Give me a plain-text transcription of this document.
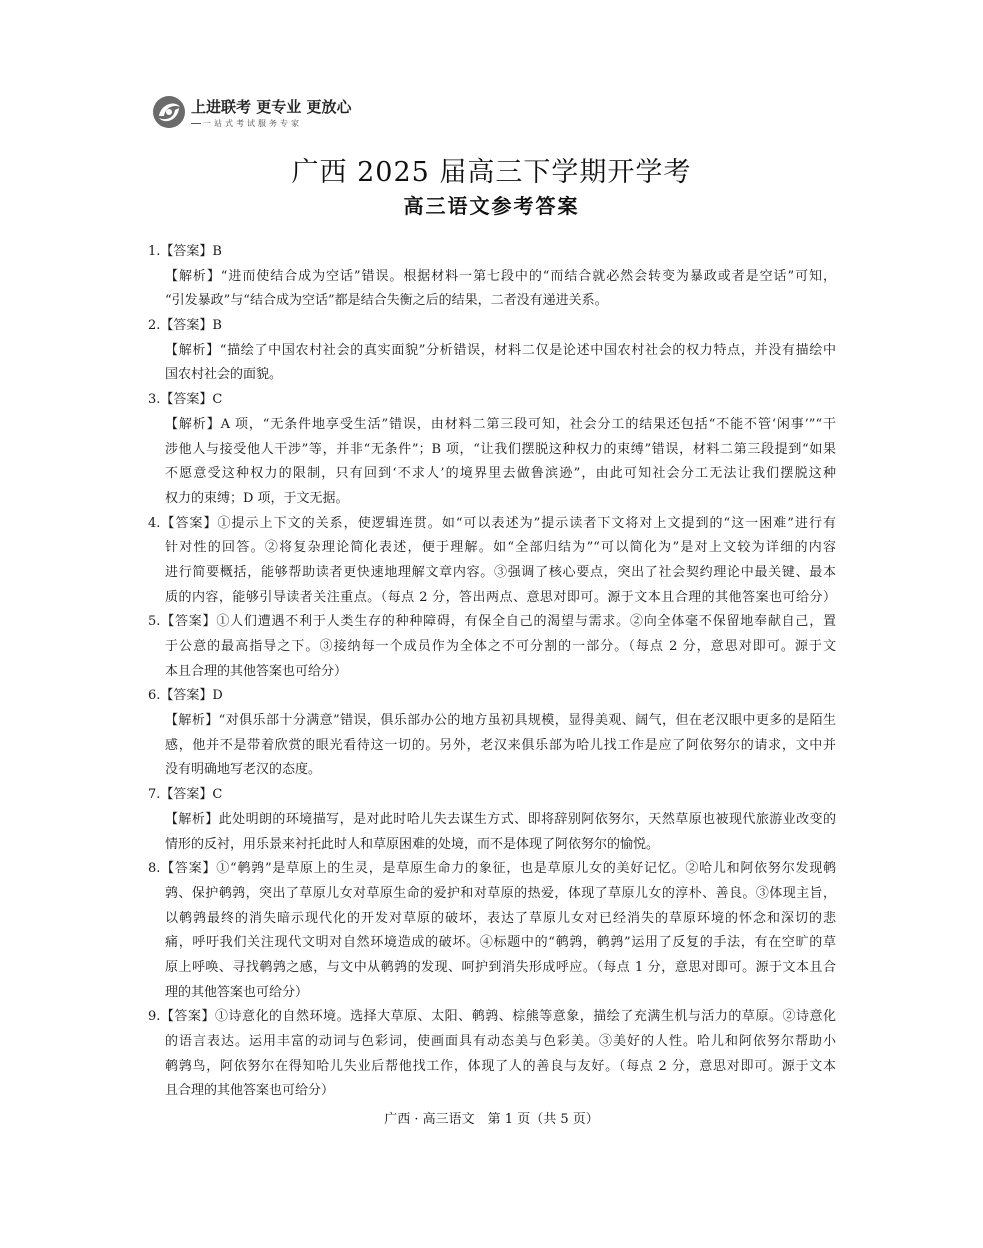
上进联考 更专业 更放心
一站式考试服务专家
广西 2025 届高三下学期开学考
高三语文参考答案
1.【答案】B
【解析】“进而使结合成为空话”错误。根据材料一第七段中的“而结合就必然会转变为暴政或者是空话”可知，
“引发暴政”与“结合成为空话”都是结合失衡之后的结果，二者没有递进关系。
2.【答案】B
【解析】“描绘了中国农村社会的真实面貌”分析错误，材料二仅是论述中国农村社会的权力特点，并没有描绘中
国农村社会的面貌。
3.【答案】C
【解析】A 项，“无条件地享受生活”错误，由材料二第三段可知，社会分工的结果还包括“不能不管‘闲事’”“干
涉他人与接受他人干涉”等，并非“无条件”；B 项，“让我们摆脱这种权力的束缚”错误，材料二第三段提到“如果
不愿意受这种权力的限制，只有回到‘不求人’的境界里去做鲁滨逊”，由此可知社会分工无法让我们摆脱这种
权力的束缚；D 项，于文无据。
4.【答案】①提示上下文的关系，使逻辑连贯。如“可以表述为”提示读者下文将对上文提到的“这一困难”进行有
针对性的回答。②将复杂理论简化表述，便于理解。如“全部归结为”“可以简化为”是对上文较为详细的内容
进行简要概括，能够帮助读者更快速地理解文章内容。③强调了核心要点，突出了社会契约理论中最关键、最本
质的内容，能够引导读者关注重点。（每点 2 分，答出两点、意思对即可。源于文本且合理的其他答案也可给分）
5.【答案】①人们遭遇不利于人类生存的种种障碍，有保全自己的渴望与需求。②向全体毫不保留地奉献自己，置
于公意的最高指导之下。③接纳每一个成员作为全体之不可分割的一部分。（每点 2 分，意思对即可。源于文
本且合理的其他答案也可给分）
6.【答案】D
【解析】“对俱乐部十分满意”错误，俱乐部办公的地方虽初具规模，显得美观、阔气，但在老汉眼中更多的是陌生
感，他并不是带着欣赏的眼光看待这一切的。另外，老汉来俱乐部为哈儿找工作是应了阿依努尔的请求，文中并
没有明确地写老汉的态度。
7.【答案】C
【解析】此处明朗的环境描写，是对此时哈儿失去谋生方式、即将辞别阿依努尔，天然草原也被现代旅游业改变的
情形的反衬，用乐景来衬托此时人和草原困难的处境，而不是体现了阿依努尔的愉悦。
8.【答案】①“鹌鹑”是草原上的生灵，是草原生命力的象征，也是草原儿女的美好记忆。②哈儿和阿依努尔发现鹌
鹑、保护鹌鹑，突出了草原儿女对草原生命的爱护和对草原的热爱，体现了草原儿女的淳朴、善良。③体现主旨，
以鹌鹑最终的消失暗示现代化的开发对草原的破坏，表达了草原儿女对已经消失的草原环境的怀念和深切的悲
痛，呼吁我们关注现代文明对自然环境造成的破坏。④标题中的“鹌鹑，鹌鹑”运用了反复的手法，有在空旷的草
原上呼唤、寻找鹌鹑之感，与文中从鹌鹑的发现、呵护到消失形成呼应。（每点 1 分，意思对即可。源于文本且合
理的其他答案也可给分）
9.【答案】①诗意化的自然环境。选择大草原、太阳、鹌鹑、棕熊等意象，描绘了充满生机与活力的草原。②诗意化
的语言表达。运用丰富的动词与色彩词，使画面具有动态美与色彩美。③美好的人性。哈儿和阿依努尔帮助小
鹌鹑鸟，阿依努尔在得知哈儿失业后帮他找工作，体现了人的善良与友好。（每点 2 分，意思对即可。源于文本
且合理的其他答案也可给分）
广西 · 高三语文　第 1 页（共 5 页）
